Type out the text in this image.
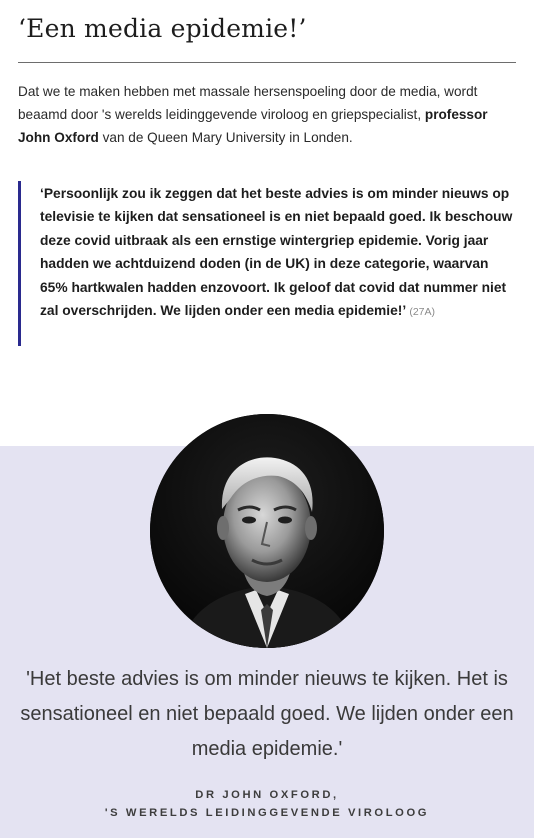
‘Een media epidemie!’

Dat we te maken hebben met massale hersenspoeling door de media, wordt beaamd door 's werelds leidinggevende viroloog en griepspecialist, professor John Oxford van de Queen Mary University in Londen.

‘Persoonlijk zou ik zeggen dat het beste advies is om minder nieuws op televisie te kijken dat sensationeel is en niet bepaald goed. Ik beschouw deze covid uitbraak als een ernstige wintergriep epidemie. Vorig jaar hadden we achtduizend doden (in de UK) in deze categorie, waarvan 65% hartkwalen hadden enzovoort. Ik geloof dat covid dat nummer niet zal overschrijden. We lijden onder een media epidemie!’ (27A)

'Het beste advies is om minder nieuws te kijken. Het is sensationeel en niet bepaald goed. We lijden onder een media epidemie.'

DR JOHN OXFORD,
'S WERELDS LEIDINGGEVENDE VIROLOOG
